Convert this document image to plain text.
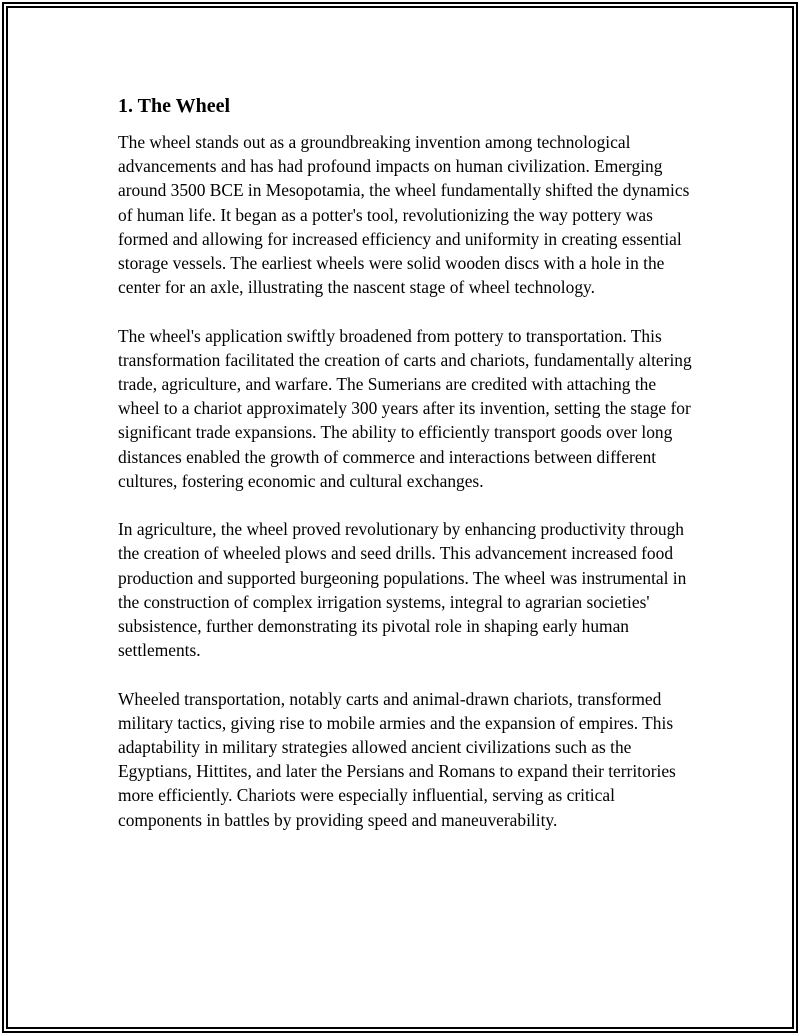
1. The Wheel

The wheel stands out as a groundbreaking invention among technological advancements and has had profound impacts on human civilization. Emerging around 3500 BCE in Mesopotamia, the wheel fundamentally shifted the dynamics of human life. It began as a potter's tool, revolutionizing the way pottery was formed and allowing for increased efficiency and uniformity in creating essential storage vessels. The earliest wheels were solid wooden discs with a hole in the center for an axle, illustrating the nascent stage of wheel technology.

The wheel's application swiftly broadened from pottery to transportation. This transformation facilitated the creation of carts and chariots, fundamentally altering trade, agriculture, and warfare. The Sumerians are credited with attaching the wheel to a chariot approximately 300 years after its invention, setting the stage for significant trade expansions. The ability to efficiently transport goods over long distances enabled the growth of commerce and interactions between different cultures, fostering economic and cultural exchanges.

In agriculture, the wheel proved revolutionary by enhancing productivity through the creation of wheeled plows and seed drills. This advancement increased food production and supported burgeoning populations. The wheel was instrumental in the construction of complex irrigation systems, integral to agrarian societies' subsistence, further demonstrating its pivotal role in shaping early human settlements.

Wheeled transportation, notably carts and animal-drawn chariots, transformed military tactics, giving rise to mobile armies and the expansion of empires. This adaptability in military strategies allowed ancient civilizations such as the Egyptians, Hittites, and later the Persians and Romans to expand their territories more efficiently. Chariots were especially influential, serving as critical components in battles by providing speed and maneuverability.
